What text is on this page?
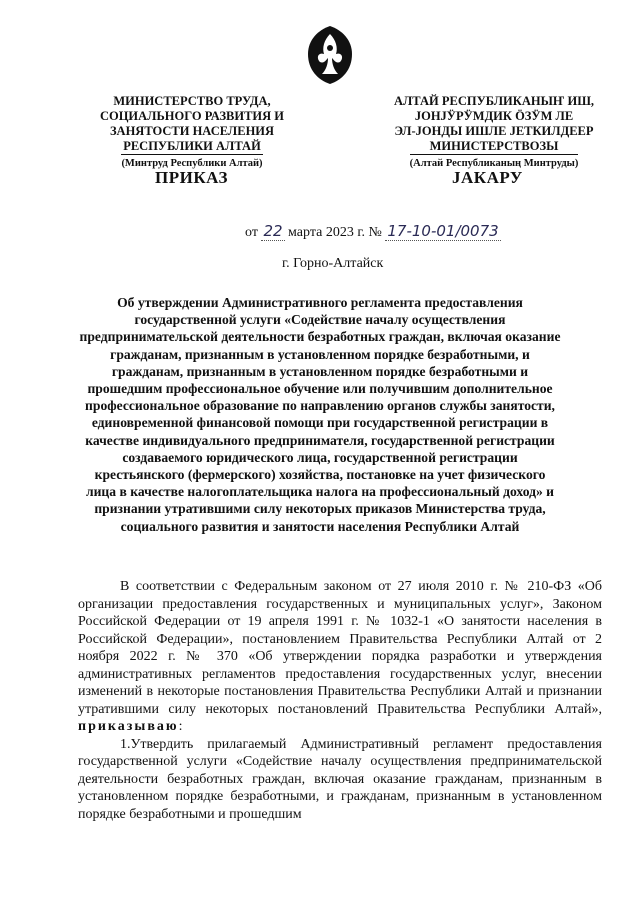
МИНИСТЕРСТВО ТРУДА,
СОЦИАЛЬНОГО РАЗВИТИЯ И
ЗАНЯТОСТИ НАСЕЛЕНИЯ
РЕСПУБЛИКИ АЛТАЙ
(Минтруд Республики Алтай)
АЛТАЙ РЕСПУБЛИКАНЫҤ ИШ,
ЈОНЈӰРӰМДИК ӦЗӰМ ЛЕ
ЭЛ-ЈОНДЫ ИШЛЕ ЈЕТКИЛДЕЕР
МИНИСТЕРСТВОЗЫ
(Алтай Республиканың Минтруды)
ПРИКАЗ	ЈАКАРУ
от 22 марта 2023 г. № 17-10-01/0073
г. Горно-Алтайск
Об утверждении Административного регламента предоставления государственной услуги «Содействие началу осуществления предпринимательской деятельности безработных граждан, включая оказание гражданам, признанным в установленном порядке безработными, и гражданам, признанным в установленном порядке безработными и прошедшим профессиональное обучение или получившим дополнительное профессиональное образование по направлению органов службы занятости, единовременной финансовой помощи при государственной регистрации в качестве индивидуального предпринимателя, государственной регистрации создаваемого юридического лица, государственной регистрации крестьянского (фермерского) хозяйства, постановке на учет физического лица в качестве налогоплательщика налога на профессиональный доход» и признании утратившими силу некоторых приказов Министерства труда, социального развития и занятости населения Республики Алтай

В соответствии с Федеральным законом от 27 июля 2010 г. № 210-ФЗ «Об организации предоставления государственных и муниципальных услуг», Законом Российской Федерации от 19 апреля 1991 г. № 1032-1 «О занятости населения в Российской Федерации», постановлением Правительства Республики Алтай от 2 ноября 2022 г. № 370 «Об утверждении порядка разработки и утверждения административных регламентов предоставления государственных услуг, внесении изменений в некоторые постановления Правительства Республики Алтай и признании утратившими силу некоторых постановлений Правительства Республики Алтай», приказываю:

1.Утвердить прилагаемый Административный регламент предоставления государственной услуги «Содействие началу осуществления предпринимательской деятельности безработных граждан, включая оказание гражданам, признанным в установленном порядке безработными, и гражданам, признанным в установленном порядке безработными и прошедшим
